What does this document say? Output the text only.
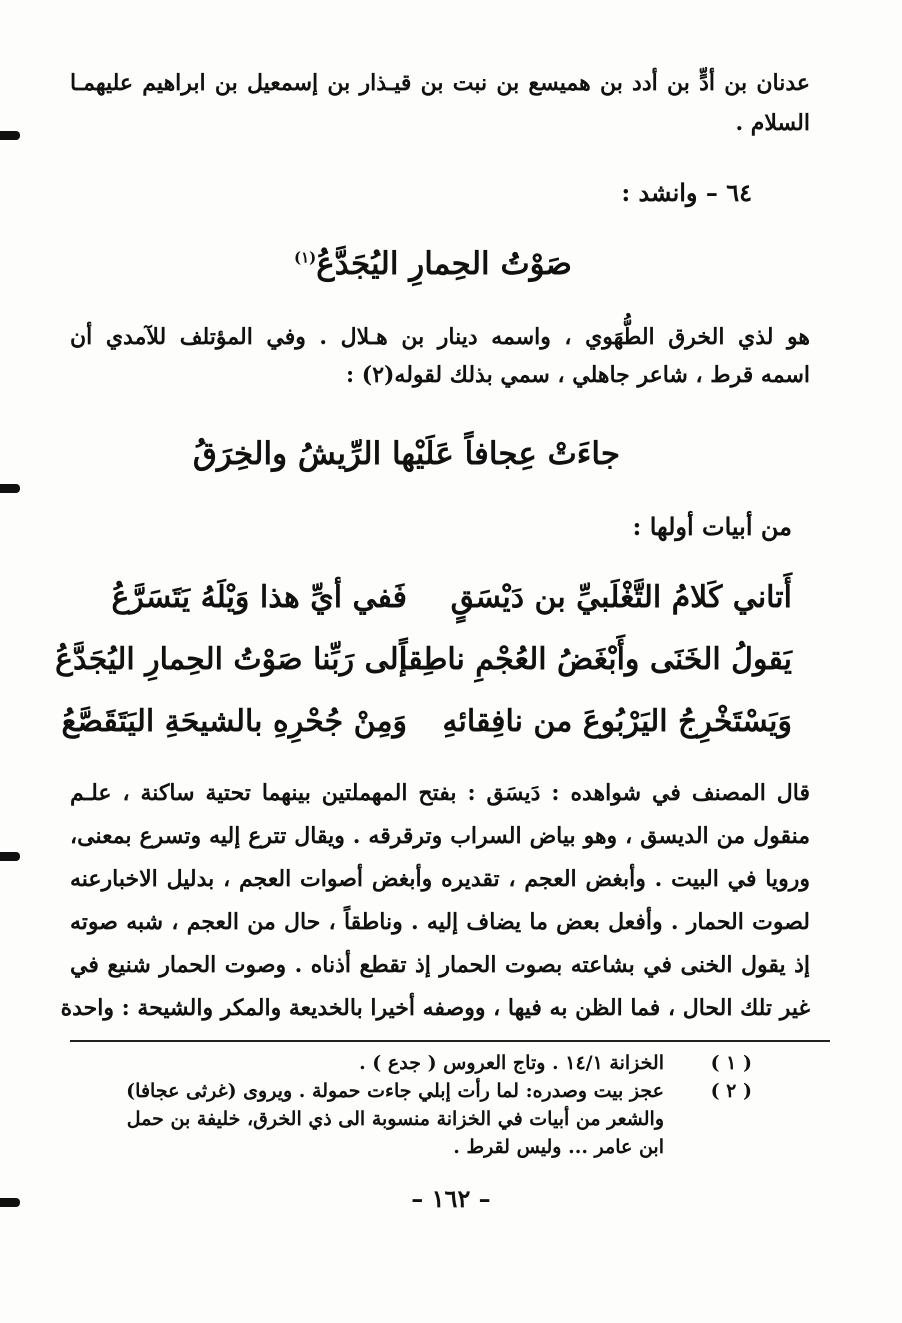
عدنان بن أدٍّ بن أدد بن هميسع بن نبت بن قيـذار بن إسمعيل بن ابراهيم عليهمـا
السلام .
٦٤ – وانشد :
صَوْتُ الحِمارِ اليُجَدَّعُ$^{(١)}$
هو لذي الخرق الطُّهَوي ، واسمه دينار بن هـلال . وفي المؤتلف للآمدي أن
اسمه قرط ، شاعر جاهلي ، سمي بذلك لقوله(٢) :
جاءَتْ عِجافاً عَلَيْها الرِّيشُ والخِرَقُ
من أبيات أولها :
أَتاني كَلامُ التَّغْلَبيِّ بن دَيْسَقٍ
فَفي أيِّ هذا وَيْلَهُ يَتَسَرَّعُ
يَقولُ الخَنَى وأَبْغَضُ العُجْمِ ناطِقاً
إلى رَبِّنا صَوْتُ الحِمارِ اليُجَدَّعُ
وَيَسْتَخْرِجُ اليَرْبُوعَ من نافِقائهِ
وَمِنْ جُحْرِهِ بالشيحَةِ اليَتَقَصَّعُ
قال المصنف في شواهده : دَيسَق : بفتح المهملتين بينهما تحتية ساكنة ، علـم
منقول من الديسق ، وهو بياض السراب وترقرقه . ويقال تترع إليه وتسرع بمعنى،
ورويا في البيت . وأبغض العجم ، تقديره وأبغض أصوات العجم ، بدليل الاخبارعنه
لصوت الحمار . وأفعل بعض ما يضاف إليه . وناطقاً ، حال من العجم ، شبه صوته
إذ يقول الخنى في بشاعته بصوت الحمار إذ تقطع أذناه . وصوت الحمار شنيع في
غير تلك الحال ، فما الظن به فيها ، ووصفه أخيرا بالخديعة والمكر والشيحة : واحدة
( ١ )
الخزانة ١٤/١ . وتاج العروس ( جدع ) .
( ٢ )
عجز بيت وصدره: لما رأت إبلي جاءت حمولة . ويروى (غرثى عجافا)
والشعر من أبيات في الخزانة منسوبة الى ذي الخرق، خليفة بن حمل
ابن عامر ... وليس لقرط .
– ١٦٢ –
